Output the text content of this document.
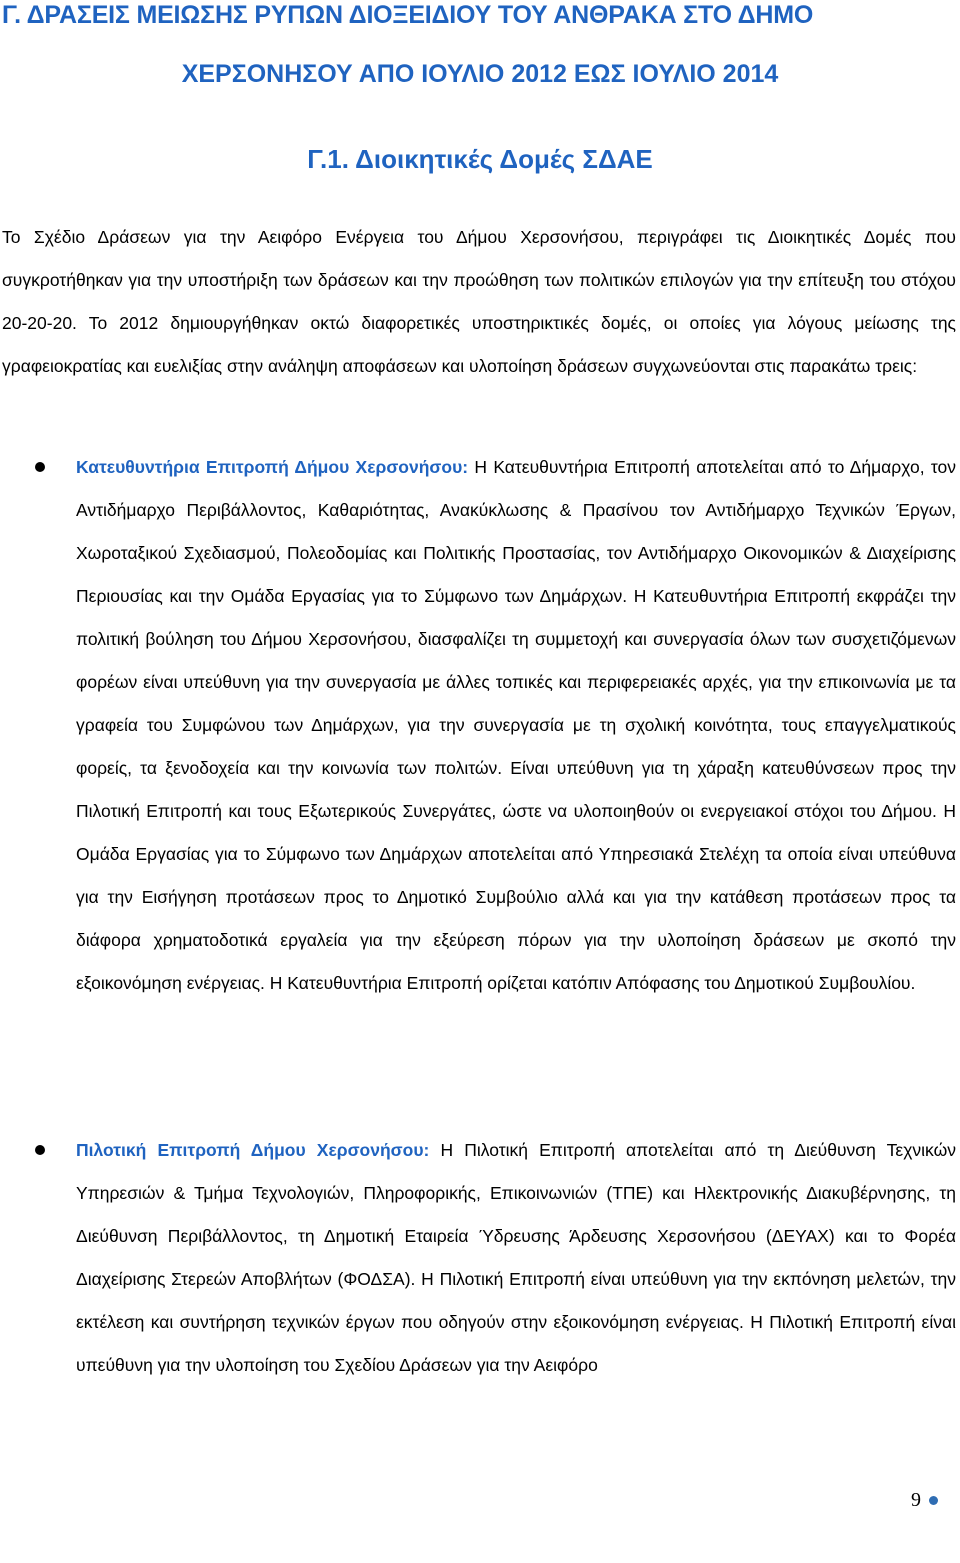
Γ. ΔΡΑΣΕΙΣ ΜΕΙΩΣΗΣ ΡΥΠΩΝ ΔΙΟΞΕΙΔΙΟΥ ΤΟΥ ΑΝΘΡΑΚΑ ΣΤΟ ΔΗΜΟ
ΧΕΡΣΟΝΗΣΟΥ ΑΠΟ ΙΟΥΛΙΟ 2012 ΕΩΣ ΙΟΥΛΙΟ 2014
Γ.1. Διοικητικές Δομές ΣΔΑΕ

Το Σχέδιο Δράσεων για την Αειφόρο Ενέργεια του Δήμου Χερσονήσου, περιγράφει τις Διοικητικές Δομές που συγκροτήθηκαν για την υποστήριξη των δράσεων και την προώθηση των πολιτικών επιλογών για την επίτευξη του στόχου 20-20-20. Το 2012 δημιουργήθηκαν οκτώ διαφορετικές υποστηρικτικές δομές, οι οποίες για λόγους μείωσης της γραφειοκρατίας και ευελιξίας στην ανάληψη αποφάσεων και υλοποίηση δράσεων συγχωνεύονται στις παρακάτω τρεις:

Κατευθυντήρια Επιτροπή Δήμου Χερσονήσου: Η Κατευθυντήρια Επιτροπή αποτελείται από το Δήμαρχο, τον Αντιδήμαρχο Περιβάλλοντος, Καθαριότητας, Ανακύκλωσης & Πρασίνου τον Αντιδήμαρχο Τεχνικών Έργων, Χωροταξικού Σχεδιασμού, Πολεοδομίας και Πολιτικής Προστασίας, τον Αντιδήμαρχο Οικονομικών & Διαχείρισης Περιουσίας και την Ομάδα Εργασίας για το Σύμφωνο των Δημάρχων. Η Κατευθυντήρια Επιτροπή εκφράζει την πολιτική βούληση του Δήμου Χερσονήσου, διασφαλίζει τη συμμετοχή και συνεργασία όλων των συσχετιζόμενων φορέων είναι υπεύθυνη για την συνεργασία με άλλες τοπικές και περιφερειακές αρχές, για την επικοινωνία με τα γραφεία του Συμφώνου των Δημάρχων, για την συνεργασία με τη σχολική κοινότητα, τους επαγγελματικούς φορείς, τα ξενοδοχεία και την κοινωνία των πολιτών. Είναι υπεύθυνη για τη χάραξη κατευθύνσεων προς την Πιλοτική Επιτροπή και τους Εξωτερικούς Συνεργάτες, ώστε να υλοποιηθούν οι ενεργειακοί στόχοι του Δήμου. Η Ομάδα Εργασίας για το Σύμφωνο των Δημάρχων αποτελείται από Υπηρεσιακά Στελέχη τα οποία είναι υπεύθυνα για την Εισήγηση προτάσεων προς το Δημοτικό Συμβούλιο αλλά και για την κατάθεση προτάσεων προς τα διάφορα χρηματοδοτικά εργαλεία για την εξεύρεση πόρων για την υλοποίηση δράσεων με σκοπό την εξοικονόμηση ενέργειας. Η Κατευθυντήρια Επιτροπή ορίζεται κατόπιν Απόφασης του Δημοτικού Συμβουλίου.
Πιλοτική Επιτροπή Δήμου Χερσονήσου: Η Πιλοτική Επιτροπή αποτελείται από τη Διεύθυνση Τεχνικών Υπηρεσιών & Τμήμα Τεχνολογιών, Πληροφορικής, Επικοινωνιών (ΤΠΕ) και Ηλεκτρονικής Διακυβέρνησης, τη Διεύθυνση Περιβάλλοντος, τη Δημοτική Εταιρεία Ύδρευσης Άρδευσης Χερσονήσου (ΔΕΥΑΧ) και το Φορέα Διαχείρισης Στερεών Αποβλήτων (ΦΟΔΣΑ). Η Πιλοτική Επιτροπή είναι υπεύθυνη για την εκπόνηση μελετών, την εκτέλεση και συντήρηση τεχνικών έργων που οδηγούν στην εξοικονόμηση ενέργειας. Η Πιλοτική Επιτροπή είναι υπεύθυνη για την υλοποίηση του Σχεδίου Δράσεων για την Αειφόρο
9
